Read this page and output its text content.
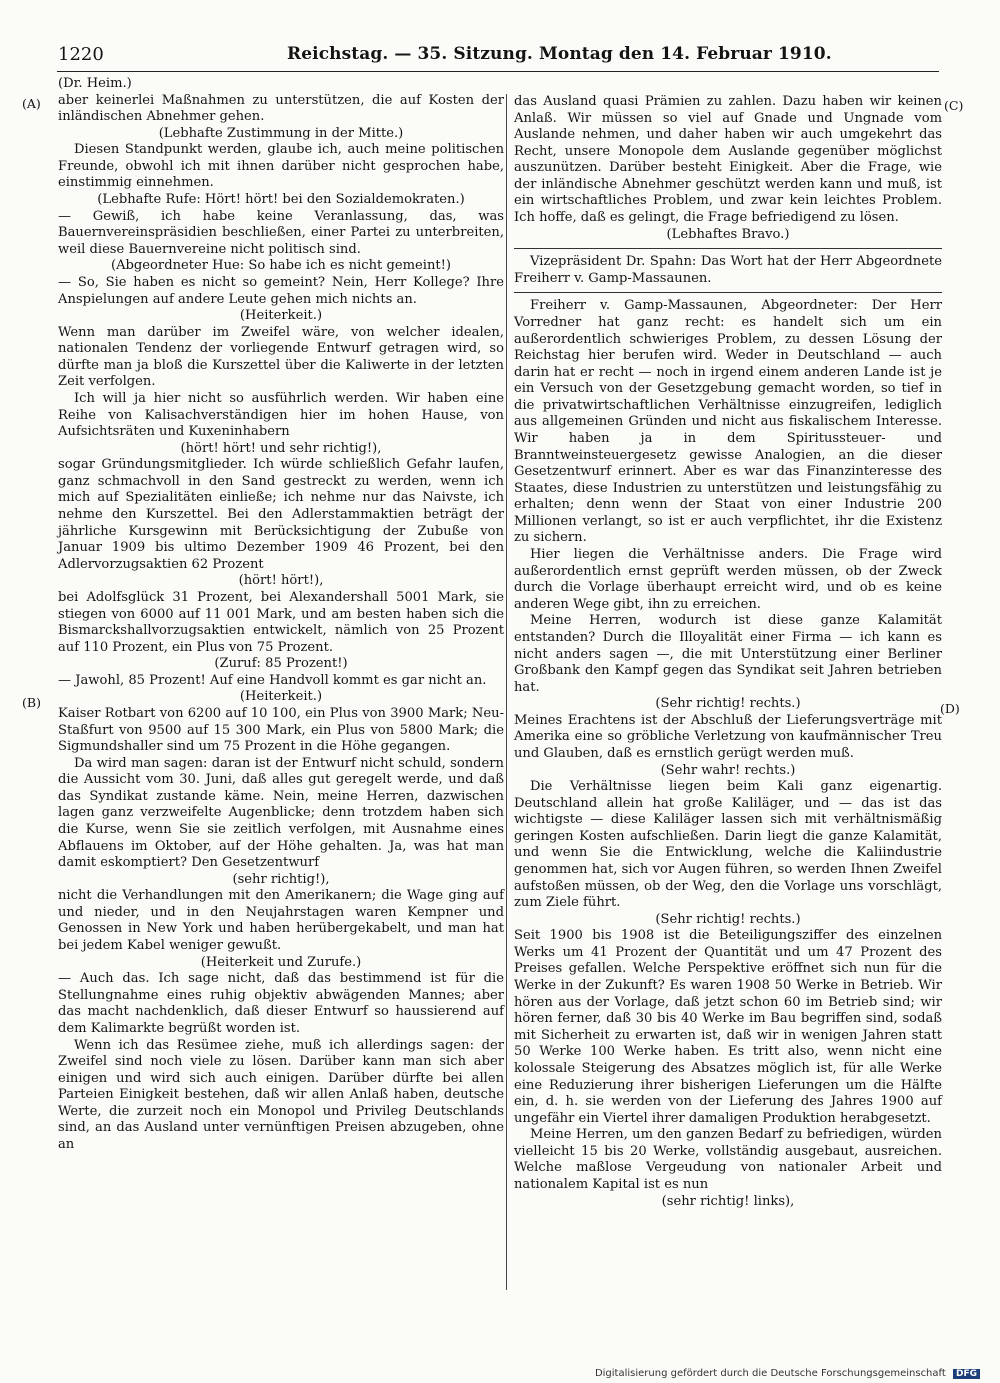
1220	Reichstag. — 35. Sitzung. Montag den 14. Februar 1910.
(A)
(B)
(C)
(D)

(Dr. Heim.)

aber keinerlei Maßnahmen zu unterstützen, die auf Kosten der inländischen Abnehmer gehen.

(Lebhafte Zustimmung in der Mitte.)

Diesen Standpunkt werden, glaube ich, auch meine politischen Freunde, obwohl ich mit ihnen darüber nicht gesprochen habe, einstimmig einnehmen.

(Lebhafte Rufe: Hört! hört! bei den Sozialdemokraten.)

— Gewiß, ich habe keine Veranlassung, das, was Bauernvereinspräsidien beschließen, einer Partei zu unterbreiten, weil diese Bauernvereine nicht politisch sind.

(Abgeordneter Hue: So habe ich es nicht gemeint!)

— So, Sie haben es nicht so gemeint? Nein, Herr Kollege? Ihre Anspielungen auf andere Leute gehen mich nichts an.

(Heiterkeit.)

Wenn man darüber im Zweifel wäre, von welcher idealen, nationalen Tendenz der vorliegende Entwurf getragen wird, so dürfte man ja bloß die Kurszettel über die Kaliwerte in der letzten Zeit verfolgen.

Ich will ja hier nicht so ausführlich werden. Wir haben eine Reihe von Kalisachverständigen hier im hohen Hause, von Aufsichtsräten und Kuxeninhabern

(hört! hört! und sehr richtig!),

sogar Gründungsmitglieder. Ich würde schließlich Gefahr laufen, ganz schmachvoll in den Sand gestreckt zu werden, wenn ich mich auf Spezialitäten einließe; ich nehme nur das Naivste, ich nehme den Kurszettel. Bei den Adlerstammaktien beträgt der jährliche Kursgewinn mit Berücksichtigung der Zubuße von Januar 1909 bis ultimo Dezember 1909 46 Prozent, bei den Adlervorzugsaktien 62 Prozent

(hört! hört!),

bei Adolfsglück 31 Prozent, bei Alexandershall 5001 Mark, sie stiegen von 6000 auf 11 001 Mark, und am besten haben sich die Bismarckshallvorzugsaktien entwickelt, nämlich von 25 Prozent auf 110 Prozent, ein Plus von 75 Prozent.

(Zuruf: 85 Prozent!)

— Jawohl, 85 Prozent! Auf eine Handvoll kommt es gar nicht an.

(Heiterkeit.)

Kaiser Rotbart von 6200 auf 10 100, ein Plus von 3900 Mark; Neu-Staßfurt von 9500 auf 15 300 Mark, ein Plus von 5800 Mark; die Sigmundshaller sind um 75 Prozent in die Höhe gegangen.

Da wird man sagen: daran ist der Entwurf nicht schuld, sondern die Aussicht vom 30. Juni, daß alles gut geregelt werde, und daß das Syndikat zustande käme. Nein, meine Herren, dazwischen lagen ganz verzweifelte Augenblicke; denn trotzdem haben sich die Kurse, wenn Sie sie zeitlich verfolgen, mit Ausnahme eines Abflauens im Oktober, auf der Höhe gehalten. Ja, was hat man damit eskomptiert? Den Gesetzentwurf

(sehr richtig!),

nicht die Verhandlungen mit den Amerikanern; die Wage ging auf und nieder, und in den Neujahrstagen waren Kempner und Genossen in New York und haben herübergekabelt, und man hat bei jedem Kabel weniger gewußt.

(Heiterkeit und Zurufe.)

— Auch das. Ich sage nicht, daß das bestimmend ist für die Stellungnahme eines ruhig objektiv abwägenden Mannes; aber das macht nachdenklich, daß dieser Entwurf so haussierend auf dem Kalimarkte begrüßt worden ist.

Wenn ich das Resümee ziehe, muß ich allerdings sagen: der Zweifel sind noch viele zu lösen. Darüber kann man sich aber einigen und wird sich auch einigen. Darüber dürfte bei allen Parteien Einigkeit bestehen, daß wir allen Anlaß haben, deutsche Werte, die zurzeit noch ein Monopol und Privileg Deutschlands sind, an das Ausland unter vernünftigen Preisen abzugeben, ohne an

das Ausland quasi Prämien zu zahlen. Dazu haben wir keinen Anlaß. Wir müssen so viel auf Gnade und Ungnade vom Auslande nehmen, und daher haben wir auch umgekehrt das Recht, unsere Monopole dem Auslande gegenüber möglichst auszunützen. Darüber besteht Einigkeit. Aber die Frage, wie der inländische Abnehmer geschützt werden kann und muß, ist ein wirtschaftliches Problem, und zwar kein leichtes Problem. Ich hoffe, daß es gelingt, die Frage befriedigend zu lösen.

(Lebhaftes Bravo.)

Vizepräsident Dr. Spahn: Das Wort hat der Herr Abgeordnete Freiherr v. Gamp-Massaunen.

Freiherr v. Gamp-Massaunen, Abgeordneter: Der Herr Vorredner hat ganz recht: es handelt sich um ein außerordentlich schwieriges Problem, zu dessen Lösung der Reichstag hier berufen wird. Weder in Deutschland — auch darin hat er recht — noch in irgend einem anderen Lande ist je ein Versuch von der Gesetzgebung gemacht worden, so tief in die privatwirtschaftlichen Verhältnisse einzugreifen, lediglich aus allgemeinen Gründen und nicht aus fiskalischem Interesse. Wir haben ja in dem Spiritussteuer- und Branntweinsteuergesetz gewisse Analogien, an die dieser Gesetzentwurf erinnert. Aber es war das Finanzinteresse des Staates, diese Industrien zu unterstützen und leistungsfähig zu erhalten; denn wenn der Staat von einer Industrie 200 Millionen verlangt, so ist er auch verpflichtet, ihr die Existenz zu sichern.

Hier liegen die Verhältnisse anders. Die Frage wird außerordentlich ernst geprüft werden müssen, ob der Zweck durch die Vorlage überhaupt erreicht wird, und ob es keine anderen Wege gibt, ihn zu erreichen.

Meine Herren, wodurch ist diese ganze Kalamität entstanden? Durch die Illoyalität einer Firma — ich kann es nicht anders sagen —, die mit Unterstützung einer Berliner Großbank den Kampf gegen das Syndikat seit Jahren betrieben hat.

(Sehr richtig! rechts.)

Meines Erachtens ist der Abschluß der Lieferungsverträge mit Amerika eine so gröbliche Verletzung von kaufmännischer Treu und Glauben, daß es ernstlich gerügt werden muß.

(Sehr wahr! rechts.)

Die Verhältnisse liegen beim Kali ganz eigenartig. Deutschland allein hat große Kaliläger, und — das ist das wichtigste — diese Kaliläger lassen sich mit verhältnismäßig geringen Kosten aufschließen. Darin liegt die ganze Kalamität, und wenn Sie die Entwicklung, welche die Kaliindustrie genommen hat, sich vor Augen führen, so werden Ihnen Zweifel aufstoßen müssen, ob der Weg, den die Vorlage uns vorschlägt, zum Ziele führt.

(Sehr richtig! rechts.)

Seit 1900 bis 1908 ist die Beteiligungsziffer des einzelnen Werks um 41 Prozent der Quantität und um 47 Prozent des Preises gefallen. Welche Perspektive eröffnet sich nun für die Werke in der Zukunft? Es waren 1908 50 Werke in Betrieb. Wir hören aus der Vorlage, daß jetzt schon 60 im Betrieb sind; wir hören ferner, daß 30 bis 40 Werke im Bau begriffen sind, sodaß mit Sicherheit zu erwarten ist, daß wir in wenigen Jahren statt 50 Werke 100 Werke haben. Es tritt also, wenn nicht eine kolossale Steigerung des Absatzes möglich ist, für alle Werke eine Reduzierung ihrer bisherigen Lieferungen um die Hälfte ein, d. h. sie werden von der Lieferung des Jahres 1900 auf ungefähr ein Viertel ihrer damaligen Produktion herabgesetzt.

Meine Herren, um den ganzen Bedarf zu befriedigen, würden vielleicht 15 bis 20 Werke, vollständig ausgebaut, ausreichen. Welche maßlose Vergeudung von nationaler Arbeit und nationalem Kapital ist es nun

(sehr richtig! links),

Digitalisierung gefördert durch die Deutsche Forschungsgemeinschaft DFG
